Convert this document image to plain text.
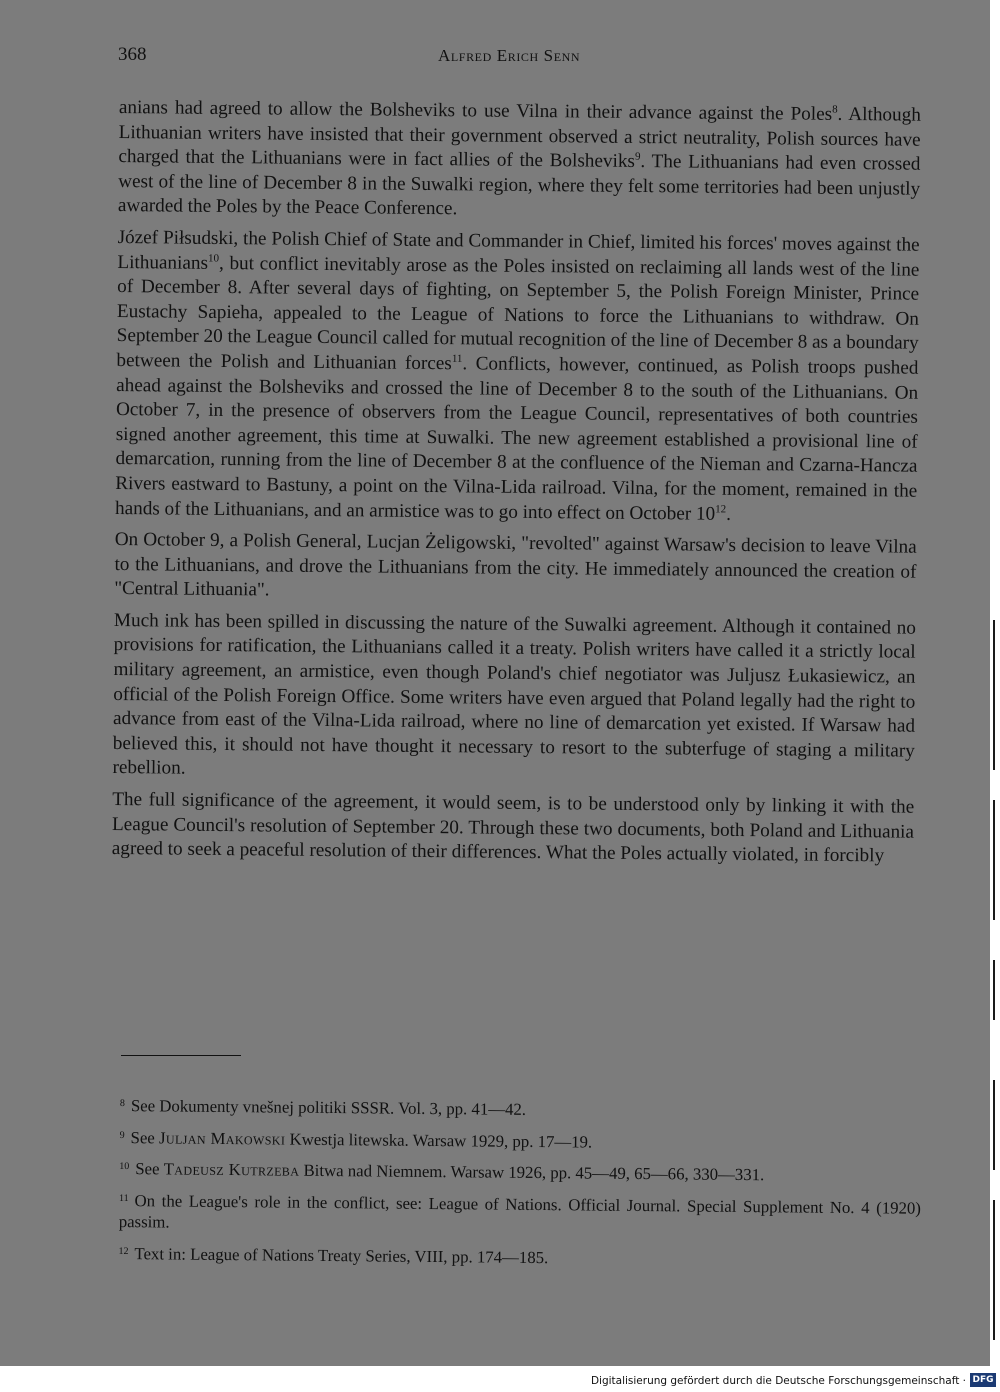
368	Alfred Erich Senn

anians had agreed to allow the Bolsheviks to use Vilna in their advance against the Poles$^8$. Although Lithuanian writers have insisted that their government observed a strict neutrality, Polish sources have charged that the Lithuanians were in fact allies of the Bolsheviks$^9$. The Lithuanians had even crossed west of the line of December 8 in the Suwalki region, where they felt some territories had been unjustly awarded the Poles by the Peace Conference.

Józef Piłsudski, the Polish Chief of State and Commander in Chief, limited his forces' moves against the Lithuanians$^{10}$, but conflict inevitably arose as the Poles insisted on reclaiming all lands west of the line of December 8. After several days of fighting, on September 5, the Polish Foreign Minister, Prince Eustachy Sapieha, appealed to the League of Nations to force the Lithuanians to withdraw. On September 20 the League Council called for mutual recognition of the line of December 8 as a boundary between the Polish and Lithuanian forces$^{11}$. Conflicts, however, continued, as Polish troops pushed ahead against the Bolsheviks and crossed the line of December 8 to the south of the Lithuanians. On October 7, in the presence of observers from the League Council, representatives of both countries signed another agreement, this time at Suwalki. The new agreement established a provisional line of demarcation, running from the line of December 8 at the confluence of the Nieman and Czarna-Hancza Rivers eastward to Bastuny, a point on the Vilna-Lida railroad. Vilna, for the moment, remained in the hands of the Lithuanians, and an armistice was to go into effect on October $10^{12}$.

On October 9, a Polish General, Lucjan Żeligowski, "revolted" against Warsaw's decision to leave Vilna to the Lithuanians, and drove the Lithuanians from the city. He immediately announced the creation of "Central Lithuania".

Much ink has been spilled in discussing the nature of the Suwalki agreement. Although it contained no provisions for ratification, the Lithuanians called it a treaty. Polish writers have called it a strictly local military agreement, an armistice, even though Poland's chief negotiator was Juljusz Łukasiewicz, an official of the Polish Foreign Office. Some writers have even argued that Poland legally had the right to advance from east of the Vilna-Lida railroad, where no line of demarcation yet existed. If Warsaw had believed this, it should not have thought it necessary to resort to the subterfuge of staging a military rebellion.

The full significance of the agreement, it would seem, is to be understood only by linking it with the League Council's resolution of September 20. Through these two documents, both Poland and Lithuania agreed to seek a peaceful resolution of their differences. What the Poles actually violated, in forcibly

$^8$ See Dokumenty vnešnej politiki SSSR. Vol. 3, pp. 41—42.
$^9$ See Juljan Makowski Kwestja litewska. Warsaw 1929, pp. 17—19.
$^{10}$ See Tadeusz Kutrzeba Bitwa nad Niemnem. Warsaw 1926, pp. 45—49, 65—66, 330—331.
$^{11}$ On the League's role in the conflict, see: League of Nations. Official Journal. Special Supplement No. 4 (1920) passim.
$^{12}$ Text in: League of Nations Treaty Series, VIII, pp. 174—185.
Digitalisierung gefördert durch die Deutsche Forschungsgemeinschaft · DFG
